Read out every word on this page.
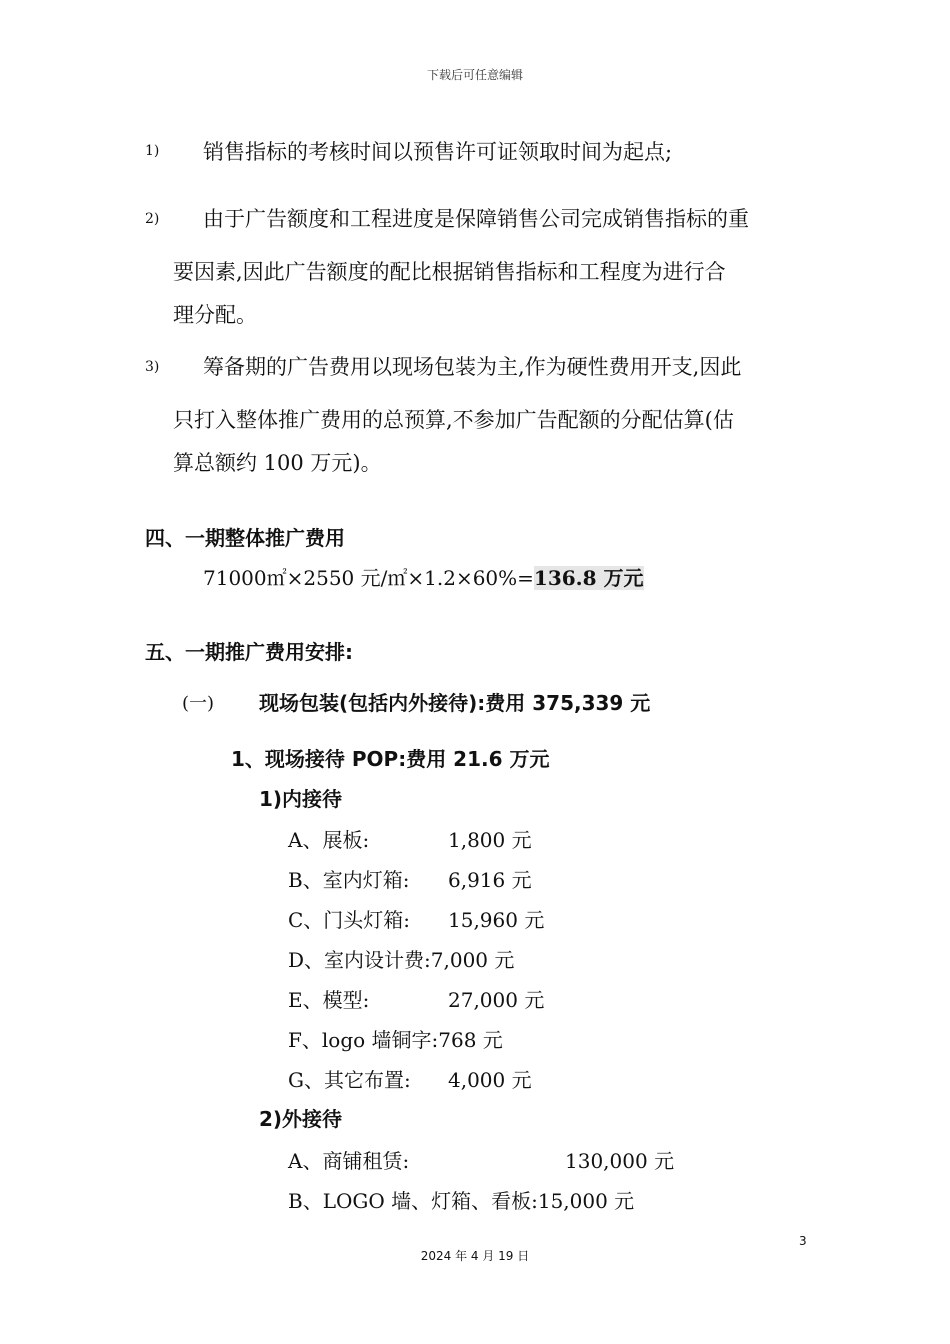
下载后可任意编辑
1) 销售指标的考核时间以预售许可证领取时间为起点;
2) 由于广告额度和工程进度是保障销售公司完成销售指标的重
要因素,因此广告额度的配比根据销售指标和工程度为进行合
理分配。
3) 筹备期的广告费用以现场包装为主,作为硬性费用开支,因此
只打入整体推广费用的总预算,不参加广告配额的分配估算(估
算总额约 100 万元)。
四、一期整体推广费用
71000㎡×2550 元/㎡×1.2×60%=136.8 万元
五、一期推广费用安排:
(一) 现场包装(包括内外接待):费用 375,339 元
1、现场接待 POP:费用 21.6 万元
1)内接待
A、展板:	1,800 元
B、室内灯箱: 6,916 元
C、门头灯箱: 15,960 元
D、室内设计费:7,000 元
E、模型:	27,000 元
F、logo 墙铜字:768 元
G、其它布置: 4,000 元
2)外接待
A、商铺租赁:	130,000 元
B、LOGO 墙、灯箱、看板:15,000 元
3
2024 年 4 月 19 日
